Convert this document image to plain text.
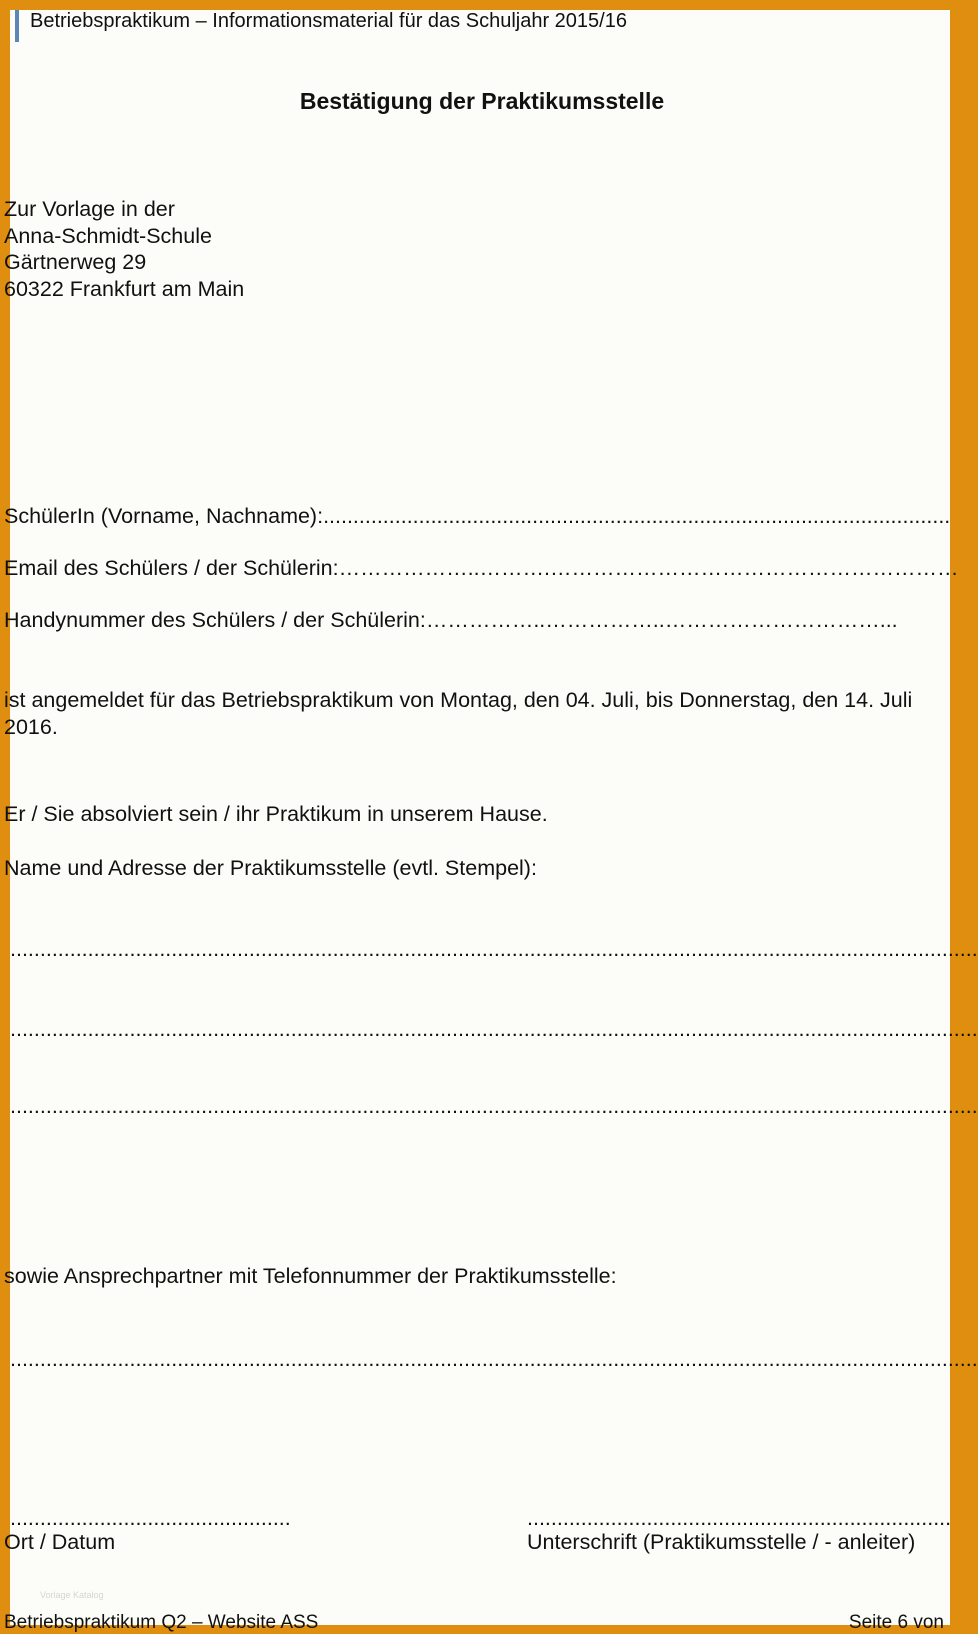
Betriebspraktikum – Informationsmaterial für das Schuljahr 2015/16
Bestätigung der Praktikumsstelle
Zur Vorlage in der
Anna-Schmidt-Schule
Gärtnerweg 29
60322 Frankfurt am Main
SchülerIn (Vorname, Nachname):.........................................................................................................
Email des Schülers / der Schülerin:………………..……….…………………………………………………
Handynummer des Schülers / der Schülerin:……………..……………..…………………………...
ist angemeldet für das Betriebspraktikum von Montag, den 04. Juli, bis Donnerstag, den 14. Juli 2016.
Er / Sie absolviert sein / ihr Praktikum in unserem Hause.
Name und Adresse der Praktikumsstelle (evtl. Stempel):
..................................................................................................................................................................
..................................................................................................................................................................
..................................................................................................................................................................
sowie Ansprechpartner mit Telefonnummer der Praktikumsstelle:
..................................................................................................................................................................
...............................................	.......................................................................
Ort / Datum	Unterschrift (Praktikumsstelle / - anleiter)
Vorlage Katalog
Betriebspraktikum Q2 – Website ASS	Seite 6 von
